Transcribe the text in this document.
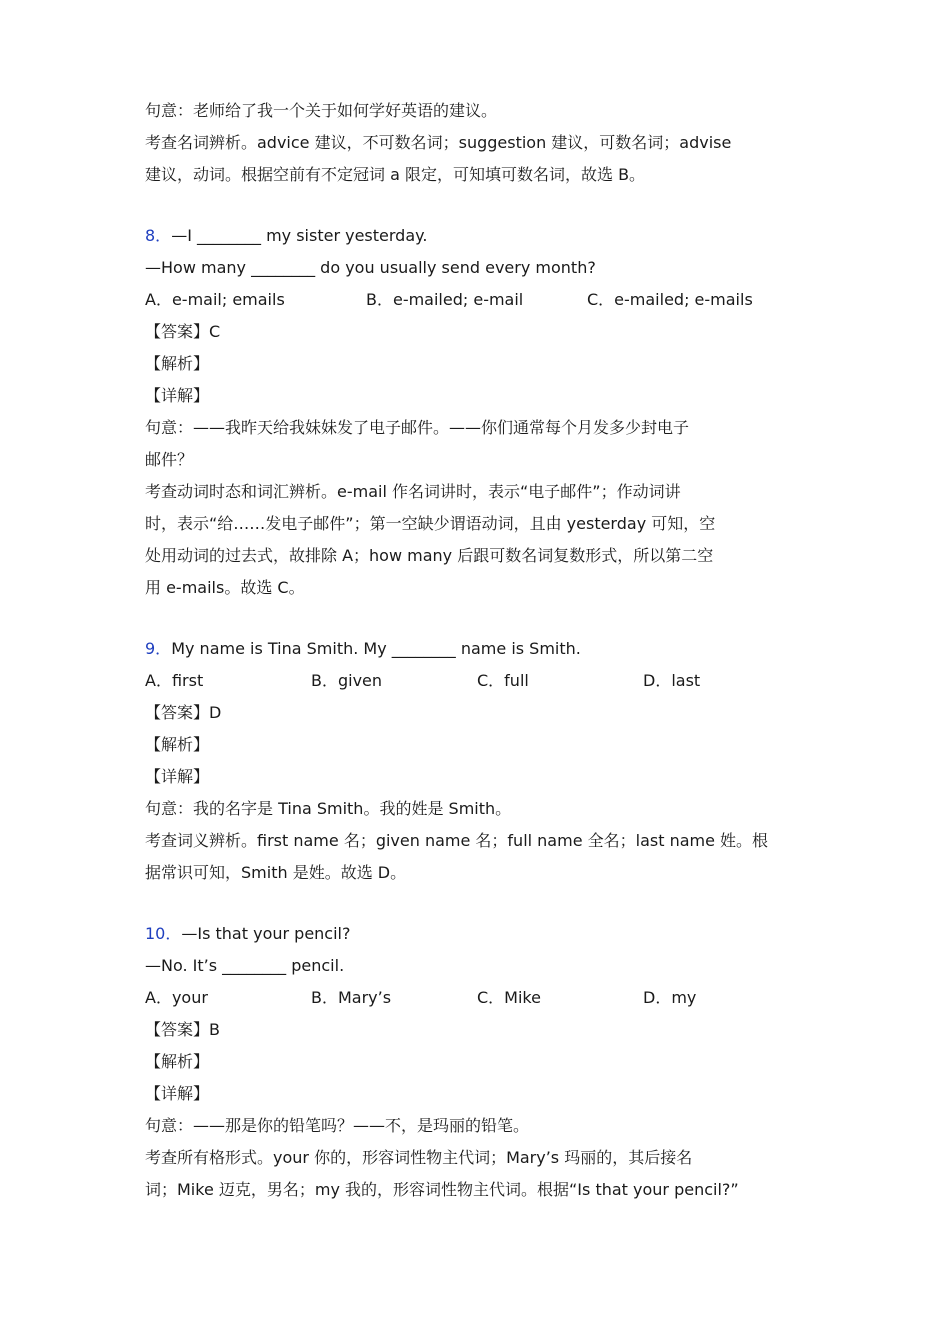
句意：老师给了我一个关于如何学好英语的建议。
考查名词辨析。advice 建议，不可数名词；suggestion 建议，可数名词；advise
建议，动词。根据空前有不定冠词 a 限定，可知填可数名词，故选 B。
8．—I ________ my sister yesterday.
—How many ________ do you usually send every month?
A．e-mail; emails	B．e-mailed; e-mail	C．e-mailed; e-mails
【答案】C
【解析】
【详解】
句意：——我昨天给我妹妹发了电子邮件。——你们通常每个月发多少封电子
邮件？
考查动词时态和词汇辨析。e-mail 作名词讲时，表示“电子邮件”；作动词讲
时，表示“给……发电子邮件”；第一空缺少谓语动词，且由 yesterday 可知，空
处用动词的过去式，故排除 A；how many 后跟可数名词复数形式，所以第二空
用 e-mails。故选 C。
9．My name is Tina Smith. My ________ name is Smith.
A．first	B．given	C．full	D．last
【答案】D
【解析】
【详解】
句意：我的名字是 Tina Smith。我的姓是 Smith。
考查词义辨析。first name 名；given name 名；full name 全名；last name 姓。根
据常识可知，Smith 是姓。故选 D。
10．—Is that your pencil?
—No. It’s ________ pencil.
A．your	B．Mary’s	C．Mike	D．my
【答案】B
【解析】
【详解】
句意：——那是你的铅笔吗？——不，是玛丽的铅笔。
考查所有格形式。your 你的，形容词性物主代词；Mary’s 玛丽的，其后接名
词；Mike 迈克，男名；my 我的，形容词性物主代词。根据“Is that your pencil?”
